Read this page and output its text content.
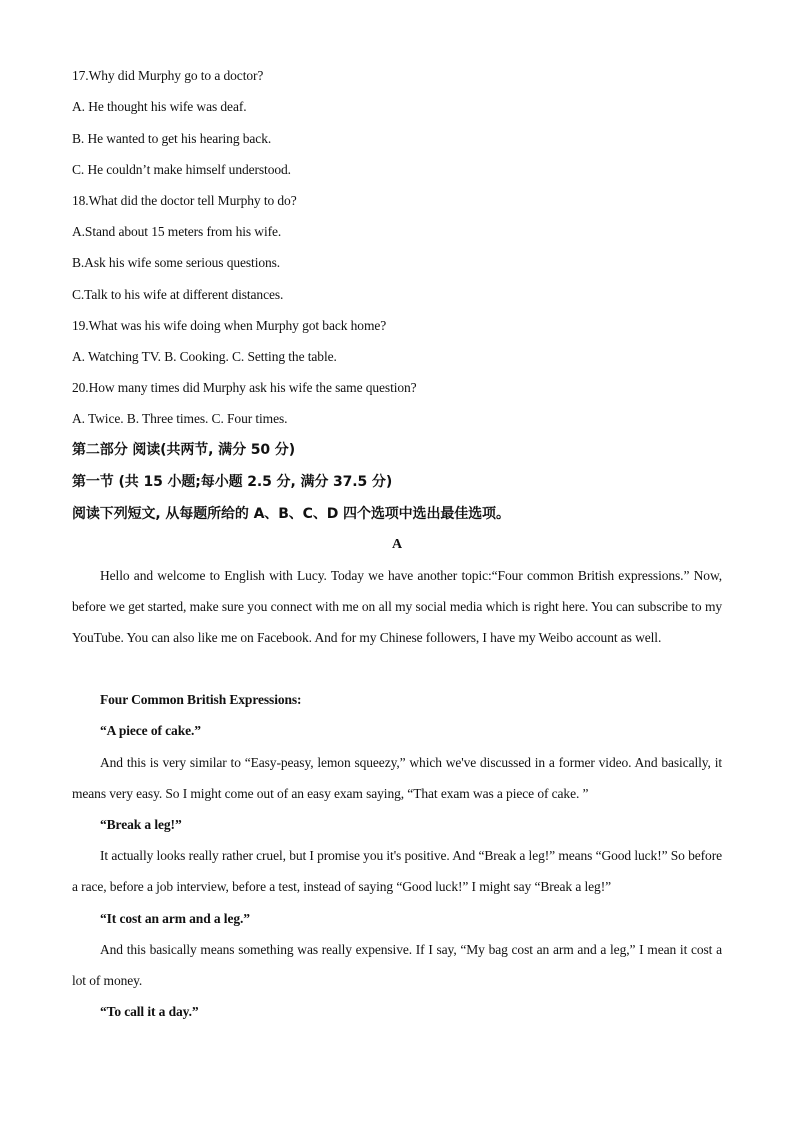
17.Why did Murphy go to a doctor?
A. He thought his wife was deaf.
B. He wanted to get his hearing back.
C. He couldn’t make himself understood.
18.What did the doctor tell Murphy to do?
A.Stand about 15 meters from his wife.
B.Ask his wife some serious questions.
C.Talk to his wife at different distances.
19.What was his wife doing when Murphy got back home?
A. Watching TV. B. Cooking. C. Setting the table.
20.How many times did Murphy ask his wife the same question?
A. Twice. B. Three times. C. Four times.
第二部分 阅读(共两节, 满分 50 分)
第一节 (共 15 小题;每小题 2.5 分, 满分 37.5 分)
阅读下列短文, 从每题所给的 A、B、C、D 四个选项中选出最佳选项。
A
Hello and welcome to English with Lucy. Today we have another topic:“Four common British expressions.” Now, before we get started, make sure you connect with me on all my social media which is right here. You can subscribe to my YouTube. You can also like me on Facebook. And for my Chinese followers, I have my Weibo account as well.
Four Common British Expressions:
“A piece of cake.”
And this is very similar to “Easy-peasy, lemon squeezy,” which we've discussed in a former video. And basically, it means very easy. So I might come out of an easy exam saying, “That exam was a piece of cake. ”
“Break a leg!”
It actually looks really rather cruel, but I promise you it's positive. And “Break a leg!” means “Good luck!” So before a race, before a job interview, before a test, instead of saying “Good luck!” I might say “Break a leg!”
“It cost an arm and a leg.”
And this basically means something was really expensive. If I say, “My bag cost an arm and a leg,” I mean it cost a lot of money.
“To call it a day.”
